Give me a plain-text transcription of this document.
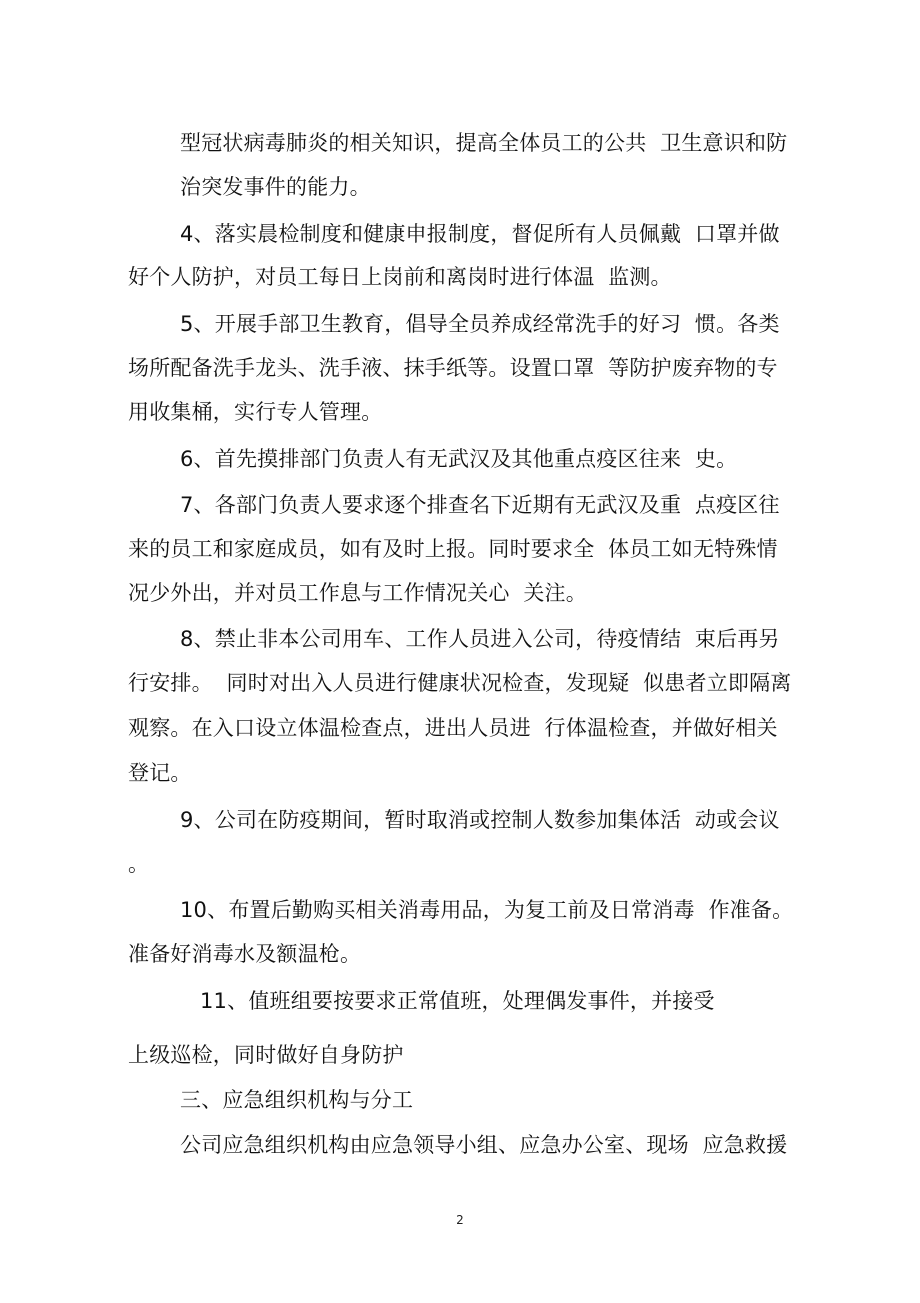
型冠状病毒肺炎的相关知识，提高全体员工的公共  卫生意识和防
治突发事件的能力。
4、落实晨检制度和健康申报制度，督促所有人员佩戴  口罩并做
好个人防护，对员工每日上岗前和离岗时进行体温  监测。
5、开展手部卫生教育，倡导全员养成经常洗手的好习  惯。各类
场所配备洗手龙头、洗手液、抹手纸等。设置口罩  等防护废弃物的专
用收集桶，实行专人管理。
6、首先摸排部门负责人有无武汉及其他重点疫区往来  史。
7、各部门负责人要求逐个排查名下近期有无武汉及重  点疫区往
来的员工和家庭成员，如有及时上报。同时要求全  体员工如无特殊情
况少外出，并对员工作息与工作情况关心  关注。
8、禁止非本公司用车、工作人员进入公司，待疫情结  束后再另
行安排。  同时对出入人员进行健康状况检查，发现疑  似患者立即隔离
观察。在入口设立体温检查点，进出人员进  行体温检查，并做好相关
登记。
9、公司在防疫期间，暂时取消或控制人数参加集体活  动或会议
。
10、布置后勤购买相关消毒用品，为复工前及日常消毒  作准备。
准备好消毒水及额温枪。
11、值班组要按要求正常值班，处理偶发事件，并接受
上级巡检，同时做好自身防护
三、应急组织机构与分工
公司应急组织机构由应急领导小组、应急办公室、现场  应急救援
2
